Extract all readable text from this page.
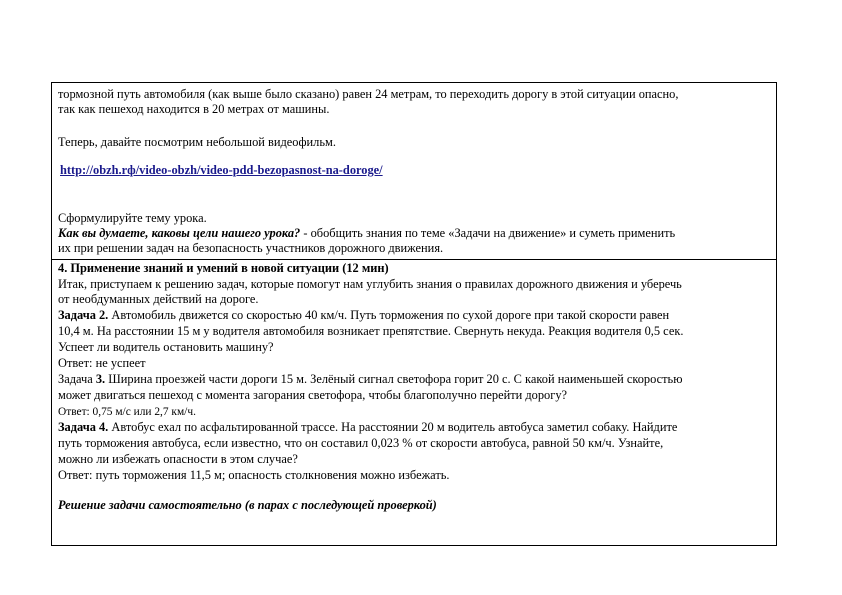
тормозной путь автомобиля (как выше было сказано) равен 24 метрам, то переходить дорогу в этой ситуации опасно,
так как пешеход находится в 20 метрах от машины.
Теперь, давайте посмотрим небольшой видеофильм.
http://obzh.rф/video-obzh/video-pdd-bezopasnost-na-doroge/
Сформулируйте тему урока.
Как вы думаете, каковы цели нашего урока? - обобщить знания по теме «Задачи на движение» и суметь применить
их при решении задач на безопасность участников дорожного движения.
4. Применение знаний и умений в новой ситуации (12 мин)
Итак, приступаем к решению задач, которые помогут нам углубить знания о правилах дорожного движения и уберечь
от необдуманных действий на дороге.
Задача 2. Автомобиль движется со скоростью 40 км/ч. Путь торможения по сухой дороге при такой скорости равен
10,4 м. На расстоянии 15 м у водителя автомобиля возникает препятствие. Свернуть некуда. Реакция водителя 0,5 сек.
Успеет ли водитель остановить машину?
Ответ: не успеет
Задача 3. Ширина проезжей части дороги 15 м. Зелёный сигнал светофора горит 20 с. С какой наименьшей скоростью
может двигаться пешеход с момента загорания светофора, чтобы благополучно перейти дорогу?
Ответ: 0,75 м/с или 2,7 км/ч.
Задача 4. Автобус ехал по асфальтированной трассе. На расстоянии 20 м водитель автобуса заметил собаку. Найдите
путь торможения автобуса, если известно, что он составил 0,023 % от скорости автобуса, равной 50 км/ч. Узнайте,
можно ли избежать опасности в этом случае?
Ответ: путь торможения 11,5 м; опасность столкновения можно избежать.
Решение задачи самостоятельно (в парах с последующей проверкой)
